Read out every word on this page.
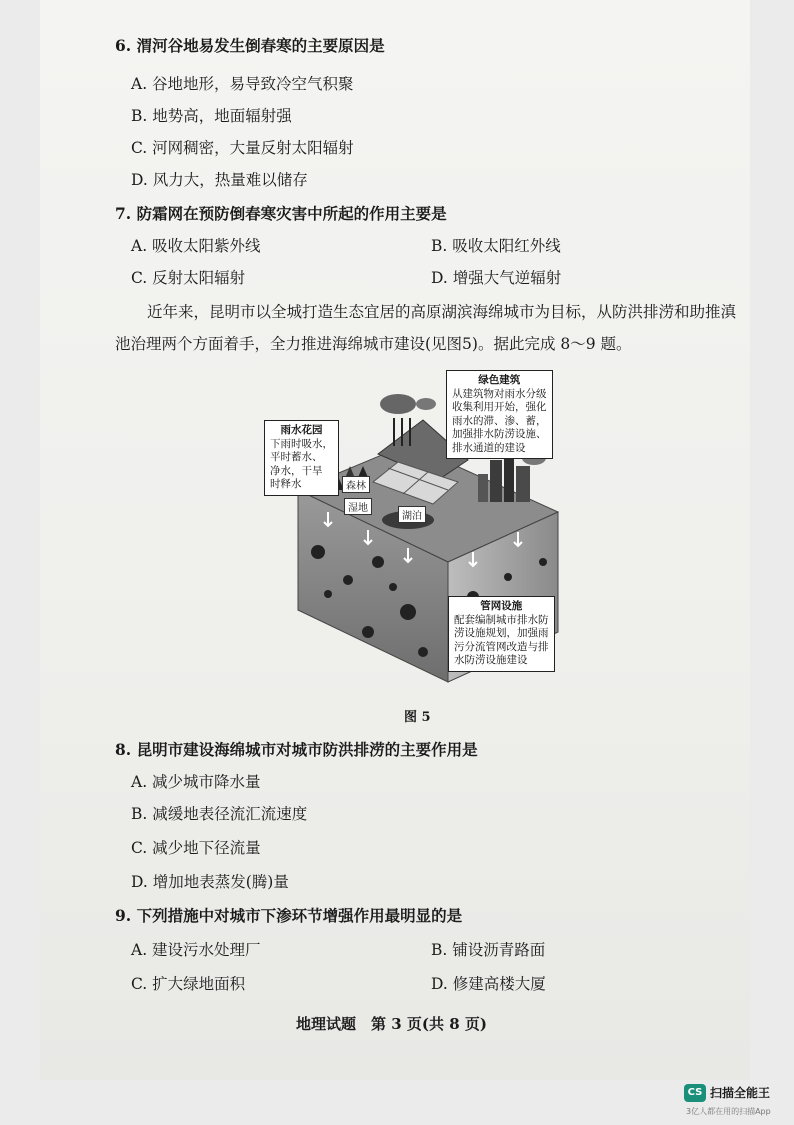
6. 渭河谷地易发生倒春寒的主要原因是
A. 谷地地形，易导致冷空气积聚
B. 地势高，地面辐射强
C. 河网稠密，大量反射太阳辐射
D. 风力大，热量难以储存
7. 防霜网在预防倒春寒灾害中所起的作用主要是
A. 吸收太阳紫外线	B. 吸收太阳红外线
C. 反射太阳辐射	D. 增强大气逆辐射
近年来，昆明市以全城打造生态宜居的高原湖滨海绵城市为目标，从防洪排涝和助推滇
池治理两个方面着手，全力推进海绵城市建设(见图5)。据此完成 8～9 题。
雨水花园
下雨时吸水，
平时蓄水、
净水，干旱
时释水
绿色建筑
从建筑物对雨水分级
收集利用开始，强化
雨水的滞、渗、蓄，
加强排水防涝设施、
排水通道的建设
管网设施
配套编制城市排水防
涝设施规划，加强雨
污分流管网改造与排
水防涝设施建设
森林
湿地
湖泊
图 5
8. 昆明市建设海绵城市对城市防洪排涝的主要作用是
A. 减少城市降水量
B. 减缓地表径流汇流速度
C. 减少地下径流量
D. 增加地表蒸发(腾)量
9. 下列措施中对城市下渗环节增强作用最明显的是
A. 建设污水处理厂	B. 铺设沥青路面
C. 扩大绿地面积	D. 修建高楼大厦
地理试题　第 3 页(共 8 页)
CS 扫描全能王
3亿人都在用的扫描App
